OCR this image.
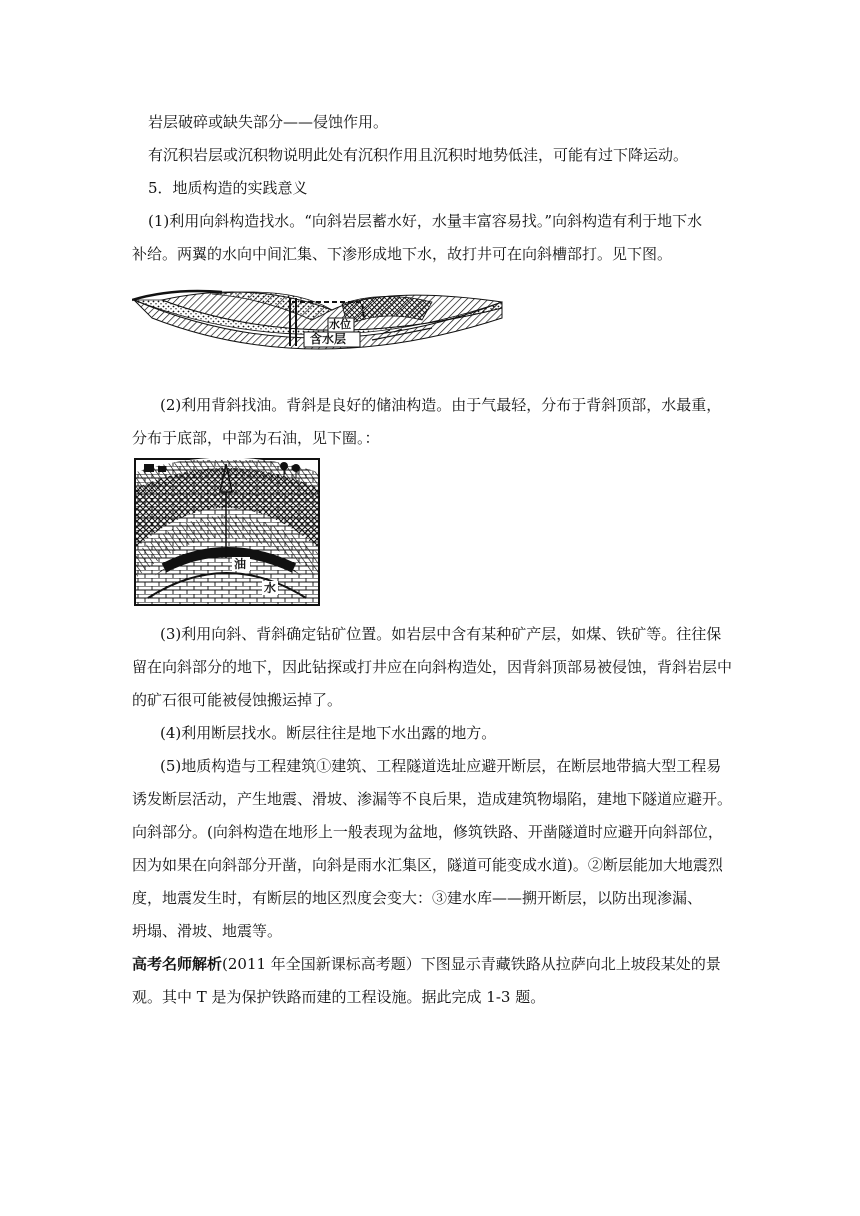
岩层破碎或缺失部分——侵蚀作用。
有沉积岩层或沉积物说明此处有沉积作用且沉积时地势低洼，可能有过下降运动。
5．地质构造的实践意义
(1)利用向斜构造找水。“向斜岩层蓄水好，水量丰富容易找。”向斜构造有利于地下水
补给。两翼的水向中间汇集、下渗形成地下水，故打井可在向斜槽部打。见下图。
水位
含水层
(2)利用背斜找油。背斜是良好的储油构造。由于气最轻，分布于背斜顶部，水最重，
分布于底部，中部为石油，见下圈。：
油
水
(3)利用向斜、背斜确定钻矿位置。如岩层中含有某种矿产层，如煤、铁矿等。往往保
留在向斜部分的地下，因此钻探或打井应在向斜构造处，因背斜顶部易被侵蚀，背斜岩层中
的矿石很可能被侵蚀搬运掉了。
(4)利用断层找水。断层往往是地下水出露的地方。
(5)地质构造与工程建筑①建筑、工程隧道选址应避开断层，在断层地带搞大型工程易
诱发断层活动，产生地震、滑坡、渗漏等不良后果，造成建筑物塌陷，建地下隧道应避开。
向斜部分。(向斜构造在地形上一般表现为盆地，修筑铁路、开凿隧道时应避开向斜部位，
因为如果在向斜部分开凿，向斜是雨水汇集区，隧道可能变成水道)。②断层能加大地震烈
度，地震发生时，有断层的地区烈度会变大：③建水库——搠开断层，以防出现渗漏、
坍塌、滑坡、地震等。
高考名师解析(2011 年全国新课标高考题）下图显示青藏铁路从拉萨向北上坡段某处的景
观。其中 T 是为保护铁路而建的工程设施。据此完成 1-3 题。
